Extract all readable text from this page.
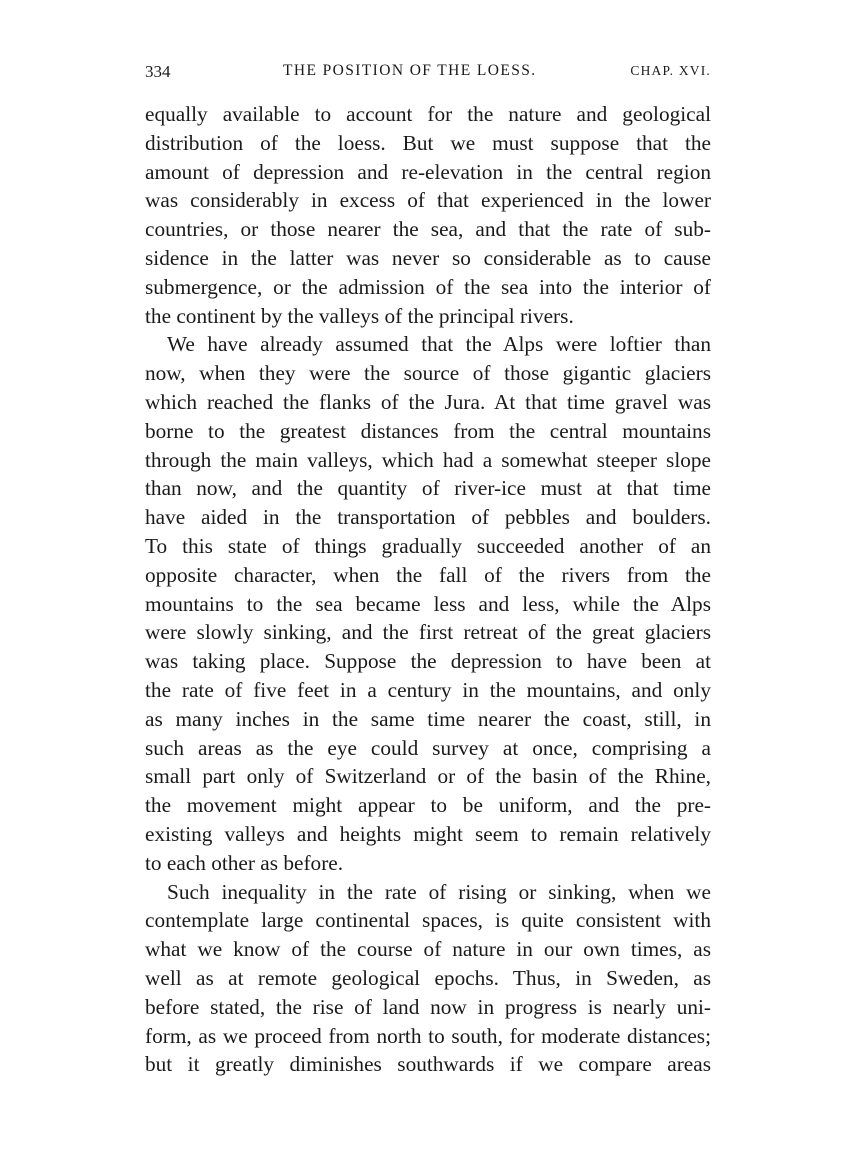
334	THE POSITION OF THE LOESS.	CHAP. XVI.
equally available to account for the nature and geological
distribution of the loess. But we must suppose that the
amount of depression and re-elevation in the central region
was considerably in excess of that experienced in the lower
countries, or those nearer the sea, and that the rate of sub-
sidence in the latter was never so considerable as to cause
submergence, or the admission of the sea into the interior of
the continent by the valleys of the principal rivers.
We have already assumed that the Alps were loftier than
now, when they were the source of those gigantic glaciers
which reached the flanks of the Jura. At that time gravel was
borne to the greatest distances from the central mountains
through the main valleys, which had a somewhat steeper slope
than now, and the quantity of river-ice must at that time
have aided in the transportation of pebbles and boulders.
To this state of things gradually succeeded another of an
opposite character, when the fall of the rivers from the
mountains to the sea became less and less, while the Alps
were slowly sinking, and the first retreat of the great glaciers
was taking place. Suppose the depression to have been at
the rate of five feet in a century in the mountains, and only
as many inches in the same time nearer the coast, still, in
such areas as the eye could survey at once, comprising a
small part only of Switzerland or of the basin of the Rhine,
the movement might appear to be uniform, and the pre-
existing valleys and heights might seem to remain relatively
to each other as before.
Such inequality in the rate of rising or sinking, when we
contemplate large continental spaces, is quite consistent with
what we know of the course of nature in our own times, as
well as at remote geological epochs. Thus, in Sweden, as
before stated, the rise of land now in progress is nearly uni-
form, as we proceed from north to south, for moderate distances;
but it greatly diminishes southwards if we compare areas
